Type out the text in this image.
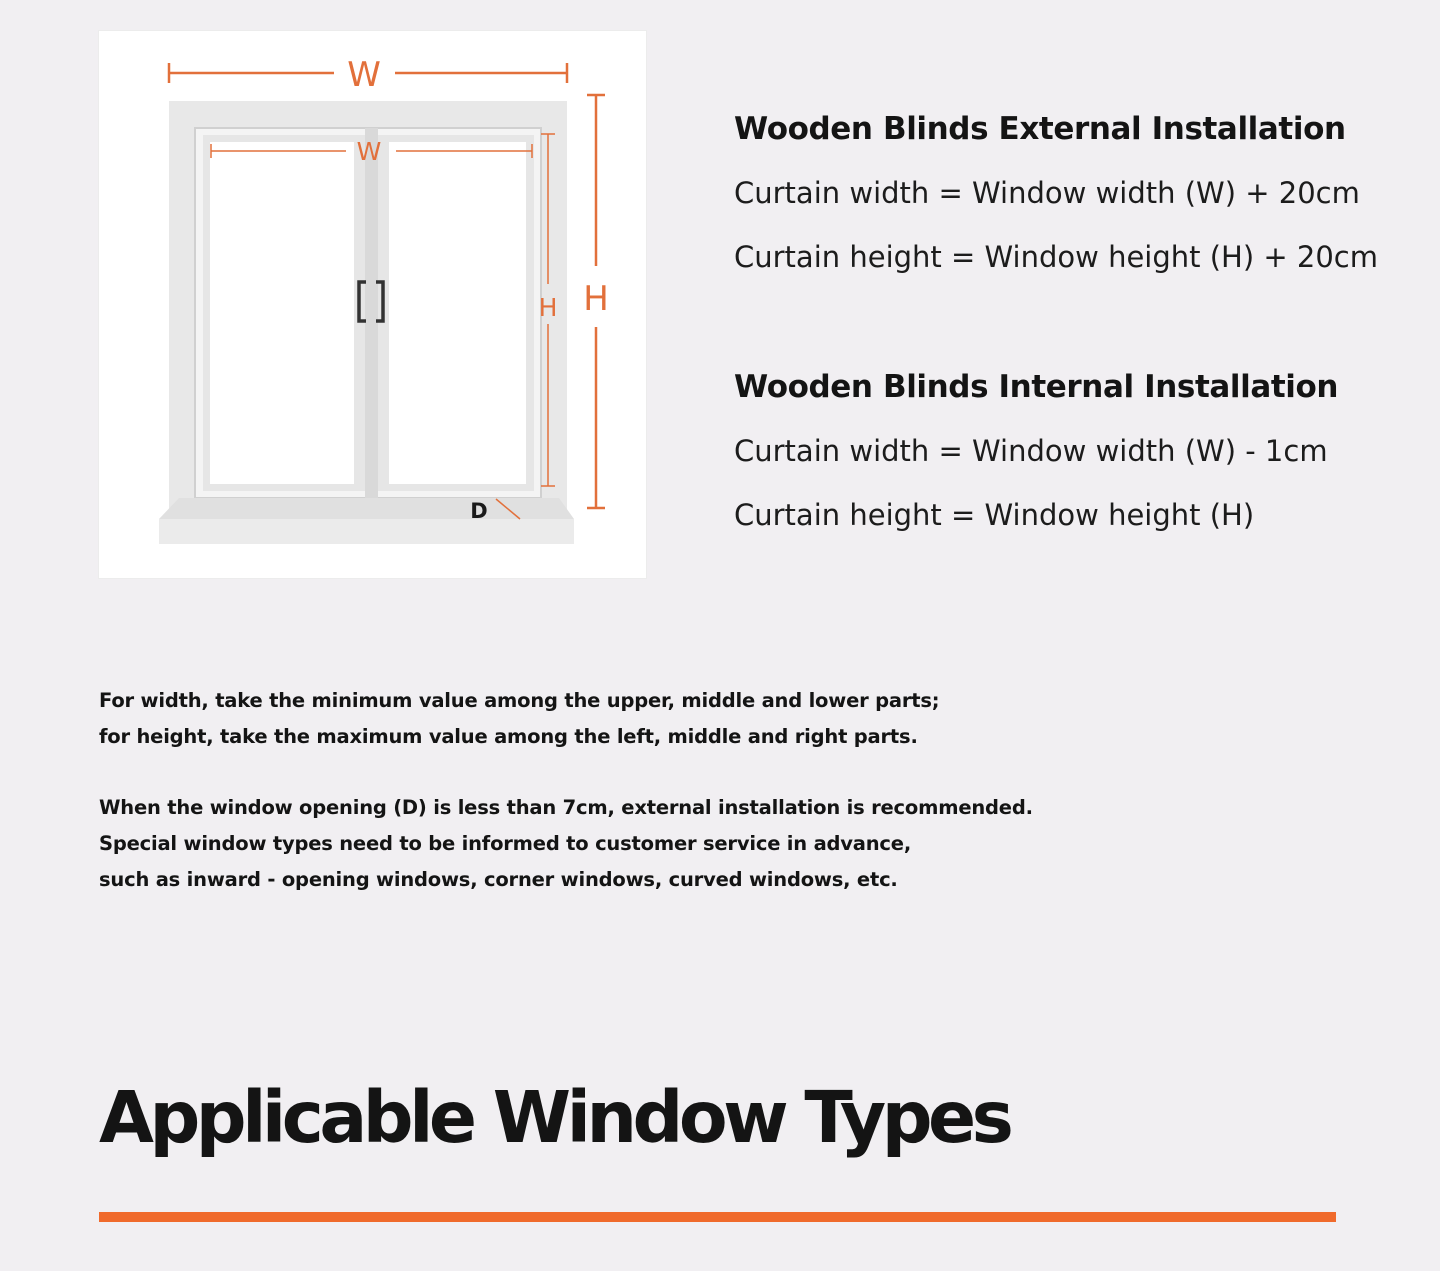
W
W
H
H
D
Wooden Blinds External Installation

Curtain width = Window width (W) + 20cm

Curtain height = Window height (H) + 20cm

Wooden Blinds Internal Installation

Curtain width = Window width (W) - 1cm

Curtain height = Window height (H)

For width, take the minimum value among the upper, middle and lower parts;

for height, take the maximum value among the left, middle and right parts.

When the window opening (D) is less than 7cm, external installation is recommended.

Special window types need to be informed to customer service in advance,

such as inward - opening windows, corner windows, curved windows, etc.

Applicable Window Types
